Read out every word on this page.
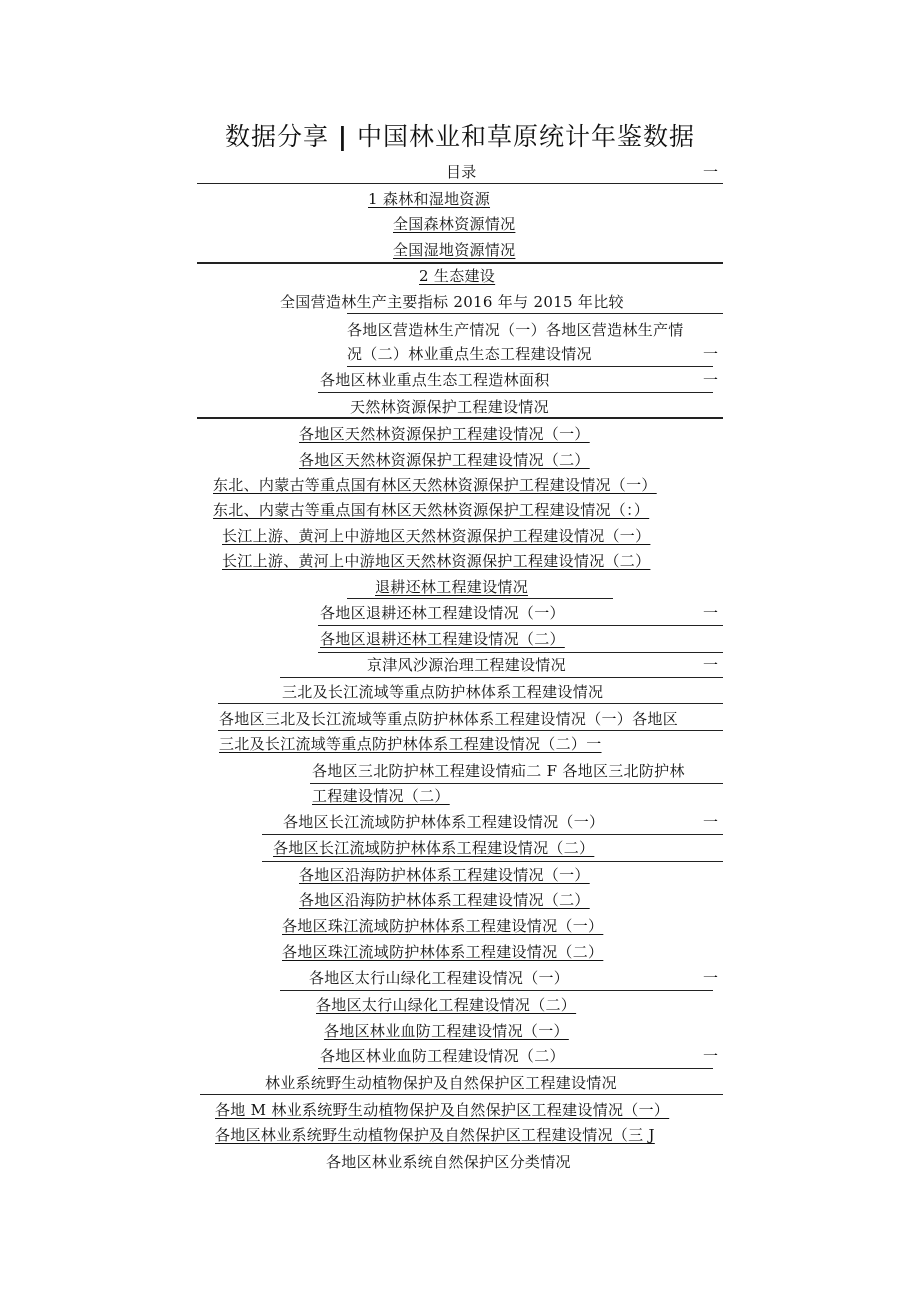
数据分享 | 中国林业和草原统计年鉴数据
目录	一
1 森林和湿地资源
全国森林资源情况
全国湿地资源情况
2 生态建设
全国营造林生产主要指标 2016 年与 2015 年比较
各地区营造林生产情况（一）各地区营造林生产情
况（二）林业重点生态工程建设情况	一
各地区林业重点生态工程造林面积	一
天然林资源保护工程建设情况
各地区天然林资源保护工程建设情况（一）
各地区天然林资源保护工程建设情况（二）
东北、内蒙古等重点国有林区天然林资源保护工程建设情况（一）
东北、内蒙古等重点国有林区天然林资源保护工程建设情况（：）
长江上游、黄河上中游地区天然林资源保护工程建设情况（一）
长江上游、黄河上中游地区天然林资源保护工程建设情况（二）
退耕还林工程建设情况
各地区退耕还林工程建设情况（一）	一
各地区退耕还林工程建设情况（二）
京津风沙源治理工程建设情况	一
三北及长江流域等重点防护林体系工程建设情况
各地区三北及长江流域等重点防护林体系工程建设情况（一）各地区
三北及长江流域等重点防护林体系工程建设情况（二）一
各地区三北防护林工程建设情疝二 F 各地区三北防护林
工程建设情况（二）
各地区长江流域防护林体系工程建设情况（一）	一
各地区长江流域防护林体系工程建设情况（二）
各地区沿海防护林体系工程建设情况（一）
各地区沿海防护林体系工程建设情况（二）
各地区珠江流域防护林体系工程建设情况（一）
各地区珠江流域防护林体系工程建设情况（二）
各地区太行山绿化工程建设情况（一）	一
各地区太行山绿化工程建设情况（二）
各地区林业血防工程建设情况（一）
各地区林业血防工程建设情况（二）	一
林业系统野生动植物保护及自然保护区工程建设情况
各地 M 林业系统野生动植物保护及自然保护区工程建设情况（一）
各地区林业系统野生动植物保护及自然保护区工程建设情况（三 J
各地区林业系统自然保护区分类情况
